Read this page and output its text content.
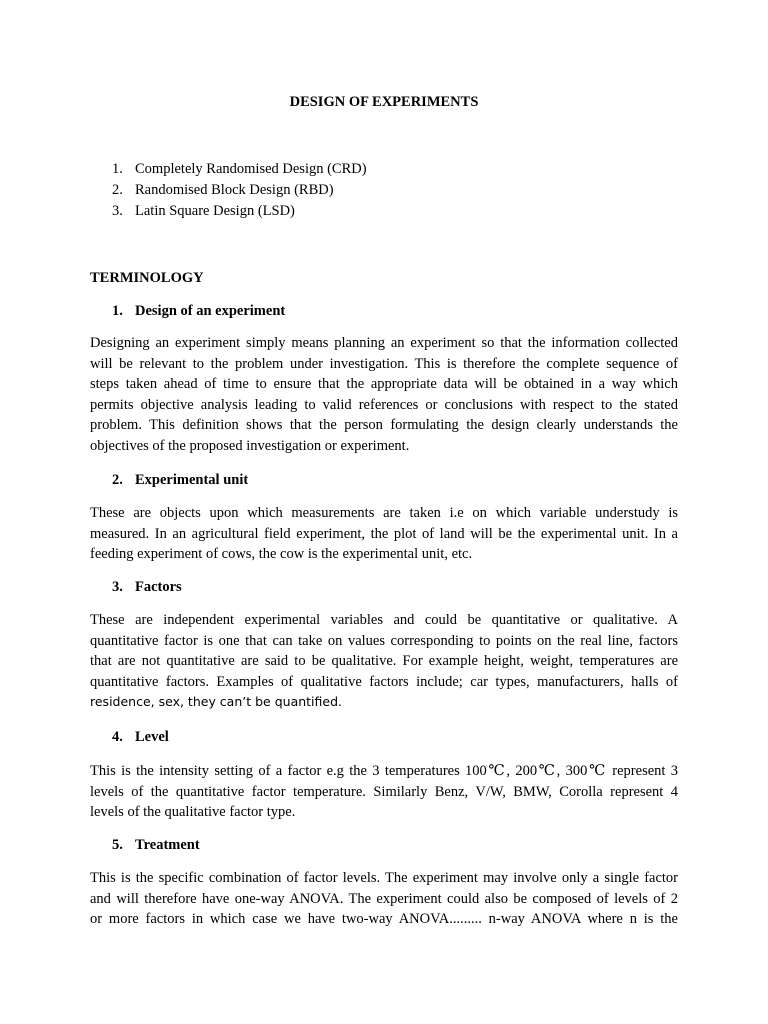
DESIGN OF EXPERIMENTS
1. Completely Randomised Design (CRD)
2. Randomised Block Design (RBD)
3. Latin Square Design (LSD)
TERMINOLOGY
1. Design of an experiment
Designing an experiment simply means planning an experiment so that the information collected
will be relevant to the problem under investigation. This is therefore the complete sequence of
steps taken ahead of time to ensure that the appropriate data will be obtained in a way which
permits objective analysis leading to valid references or conclusions with respect to the stated
problem. This definition shows that the person formulating the design clearly understands the
objectives of the proposed investigation or experiment.
2. Experimental unit
These are objects upon which measurements are taken i.e on which variable understudy is
measured. In an agricultural field experiment, the plot of land will be the experimental unit. In a
feeding experiment of cows, the cow is the experimental unit, etc.
3. Factors
These are independent experimental variables and could be quantitative or qualitative. A
quantitative factor is one that can take on values corresponding to points on the real line, factors
that are not quantitative are said to be qualitative. For example height, weight, temperatures are
quantitative factors. Examples of qualitative factors include; car types, manufacturers, halls of
residence, sex, they can’t be quantified.
4. Level
This is the intensity setting of a factor e.g the 3 temperatures 100℃, 200℃, 300℃ represent 3
levels of the quantitative factor temperature. Similarly Benz, V/W, BMW, Corolla represent 4
levels of the qualitative factor type.
5. Treatment
This is the specific combination of factor levels. The experiment may involve only a single factor
and will therefore have one-way ANOVA. The experiment could also be composed of levels of 2
or more factors in which case we have two-way ANOVA......... n-way ANOVA where n is the
